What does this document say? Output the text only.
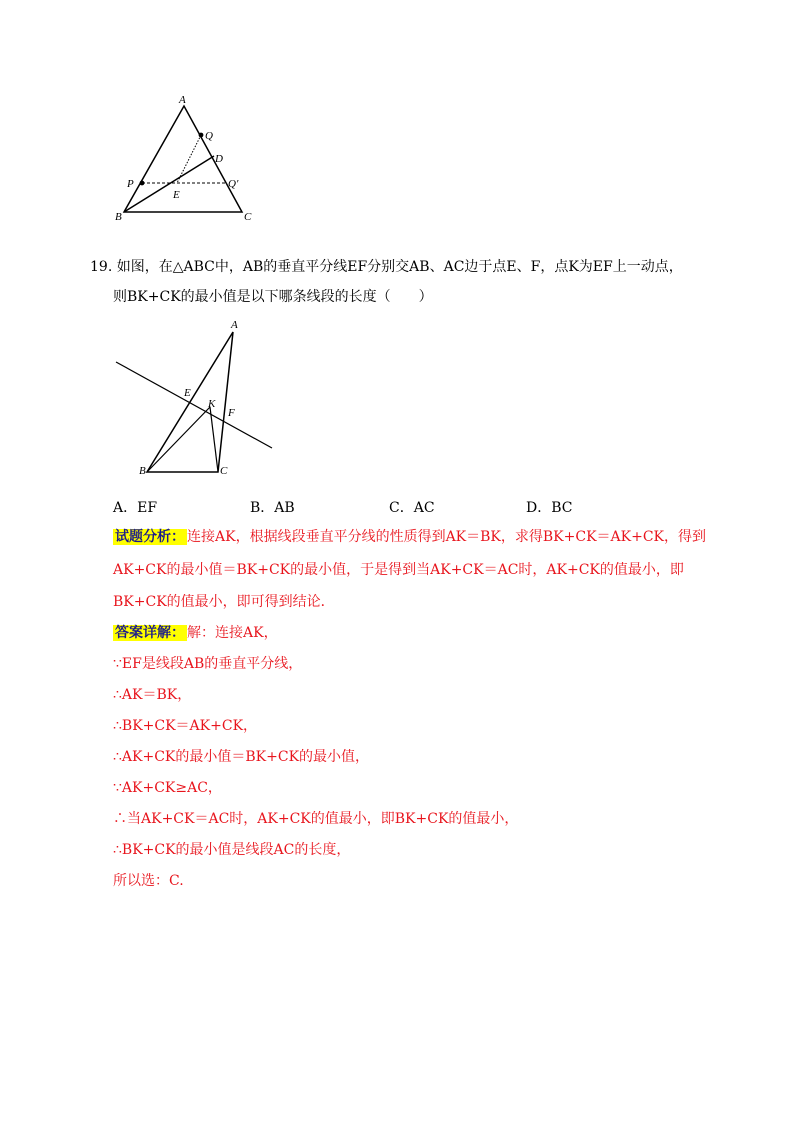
A
Q
D
P	Q′
E
B	C
19. 如图，在△ABC中，AB的垂直平分线EF分别交AB、AC边于点E、F，点K为EF上一动点，
则BK+CK的最小值是以下哪条线段的长度（　　）
A
E
K
F
B	C
A．EF	B．AB	C．AC	D．BC
试题分析： 连接AK，根据线段垂直平分线的性质得到AK＝BK，求得BK+CK＝AK+CK，得到
AK+CK的最小值＝BK+CK的最小值，于是得到当AK+CK＝AC时，AK+CK的值最小，即
BK+CK的值最小，即可得到结论．
答案详解： 解：连接AK，
∵EF是线段AB的垂直平分线，
∴AK＝BK，
∴BK+CK＝AK+CK，
∴AK+CK的最小值＝BK+CK的最小值，
∵AK+CK≥AC，
∴当AK+CK＝AC时，AK+CK的值最小，即BK+CK的值最小，
∴BK+CK的最小值是线段AC的长度，
所以选：C.
